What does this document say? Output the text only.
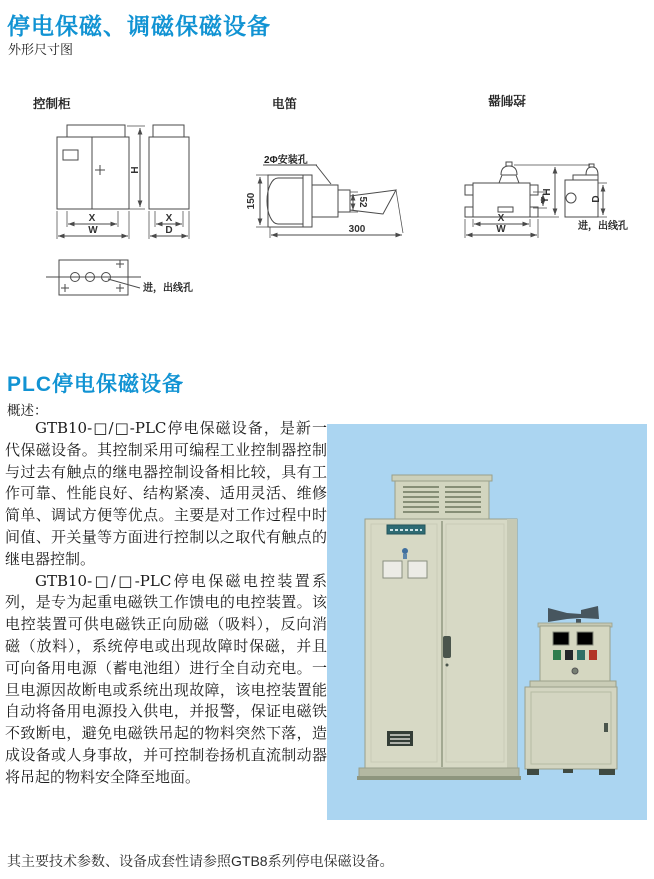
停电保磁、调磁保磁设备
外形尺寸图
控制柜
H
X
W
X
D
进，出线孔
电笛
2Φ安装孔
52
150
300
控制器
Y
H
D
X
W	进，出线孔
PLC停电保磁设备
概述：

GTB10-□/□-PLC停电保磁设备，是新一代保磁设备。其控制采用可编程工业控制器控制与过去有触点的继电器控制设备相比较，具有工作可靠、性能良好、结构紧凑、适用灵活、维修简单、调试方便等优点。主要是对工作过程中时间值、开关量等方面进行控制以之取代有触点的继电器控制。

GTB10-□/□-PLC停电保磁电控装置系列，是专为起重电磁铁工作馈电的电控装置。该电控装置可供电磁铁正向励磁（吸料），反向消磁（放料），系统停电或出现故障时保磁，并且可向备用电源（蓄电池组）进行全自动充电。一旦电源因故断电或系统出现故障，该电控装置能自动将备用电源投入供电，并报警，保证电磁铁不致断电，避免电磁铁吊起的物料突然下落，造成设备或人身事故，并可控制卷扬机直流制动器将吊起的物料安全降至地面。

其主要技术参数、设备成套性请参照GTB8系列停电保磁设备。
